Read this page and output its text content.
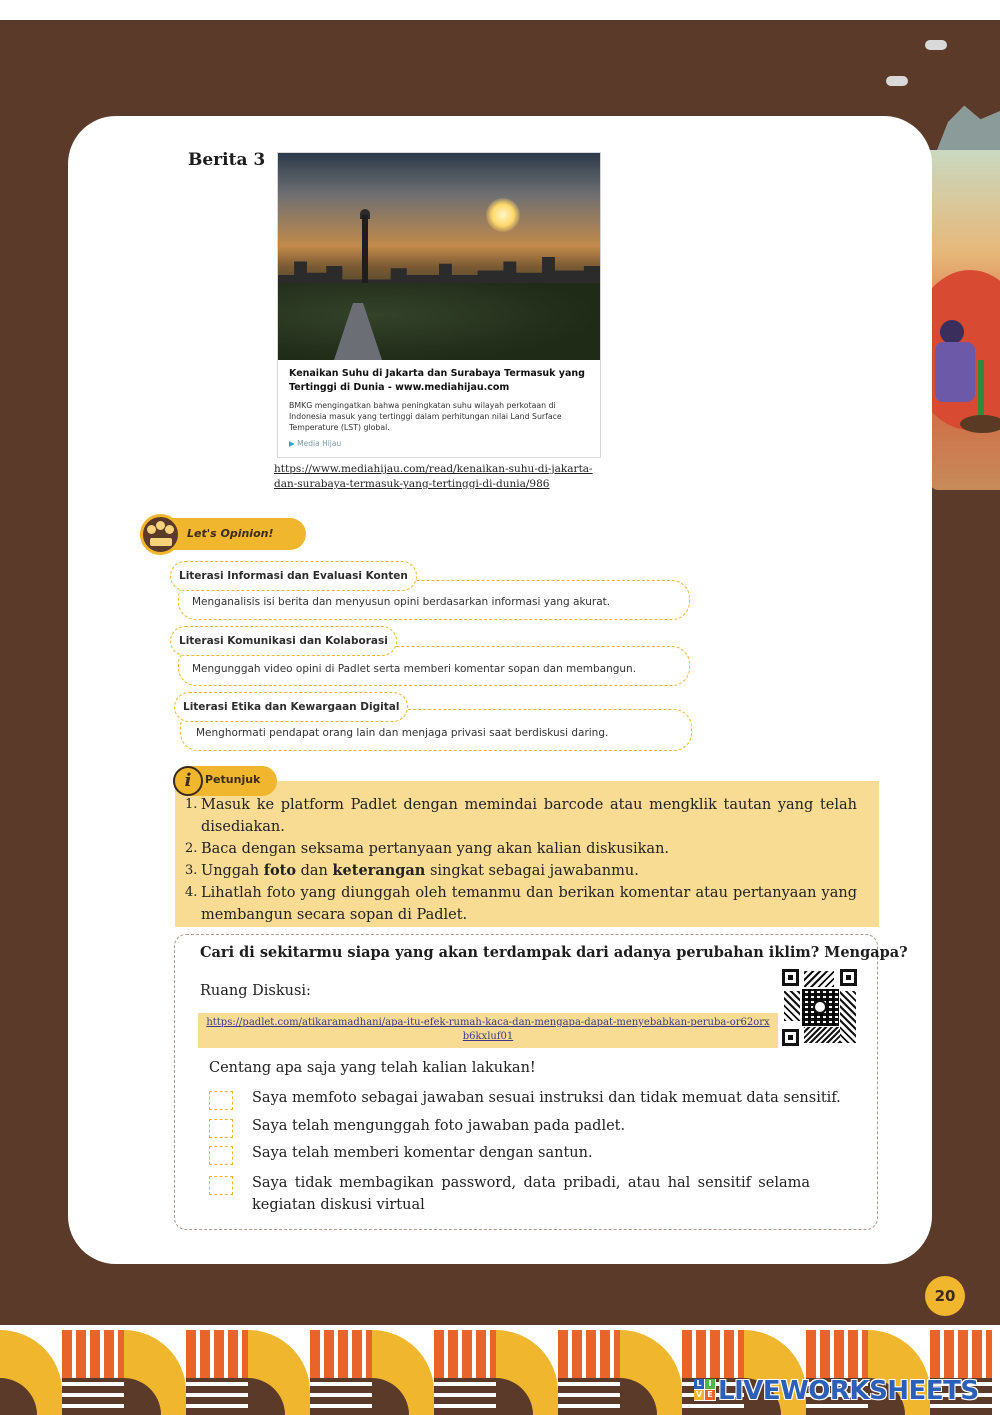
Berita 3
Kenaikan Suhu di Jakarta dan Surabaya Termasuk yang Tertinggi di Dunia - www.mediahijau.com
BMKG mengingatkan bahwa peningkatan suhu wilayah perkotaan di Indonesia masuk yang tertinggi dalam perhitungan nilai Land Surface Temperature (LST) global.
▶ Media Hijau
https://www.mediahijau.com/read/kenaikan-suhu-di-jakarta-dan-surabaya-termasuk-yang-tertinggi-di-dunia/986
Let's Opinion!
Literasi Informasi dan Evaluasi Konten
Menganalisis isi berita dan menyusun opini berdasarkan informasi yang akurat.
Literasi Komunikasi dan Kolaborasi
Mengunggah video opini di Padlet serta memberi komentar sopan dan membangun.
Literasi Etika dan Kewargaan Digital
Menghormati pendapat orang lain dan menjaga privasi saat berdiskusi daring.
i	Petunjuk
1. Masuk ke platform Padlet dengan memindai barcode atau mengklik tautan yang telah disediakan.
2. Baca dengan seksama pertanyaan yang akan kalian diskusikan.
3. Unggah foto dan keterangan singkat sebagai jawabanmu.
4. Lihatlah foto yang diunggah oleh temanmu dan berikan komentar atau pertanyaan yang membangun secara sopan di Padlet.
Cari di sekitarmu siapa yang akan terdampak dari adanya perubahan iklim? Mengapa?
Ruang Diskusi:
https://padlet.com/atikaramadhani/apa-itu-efek-rumah-kaca-dan-mengapa-dapat-menyebabkan-peruba-or62orxb6kxluf01
Centang apa saja yang telah kalian lakukan!
Saya memfoto sebagai jawaban sesuai instruksi dan tidak memuat data sensitif.
Saya telah mengunggah foto jawaban pada padlet.
Saya telah memberi komentar dengan santun.
Saya tidak membagikan password, data pribadi, atau hal sensitif selama kegiatan diskusi virtual
20
L I
V E LIVEWORKSHEETS
